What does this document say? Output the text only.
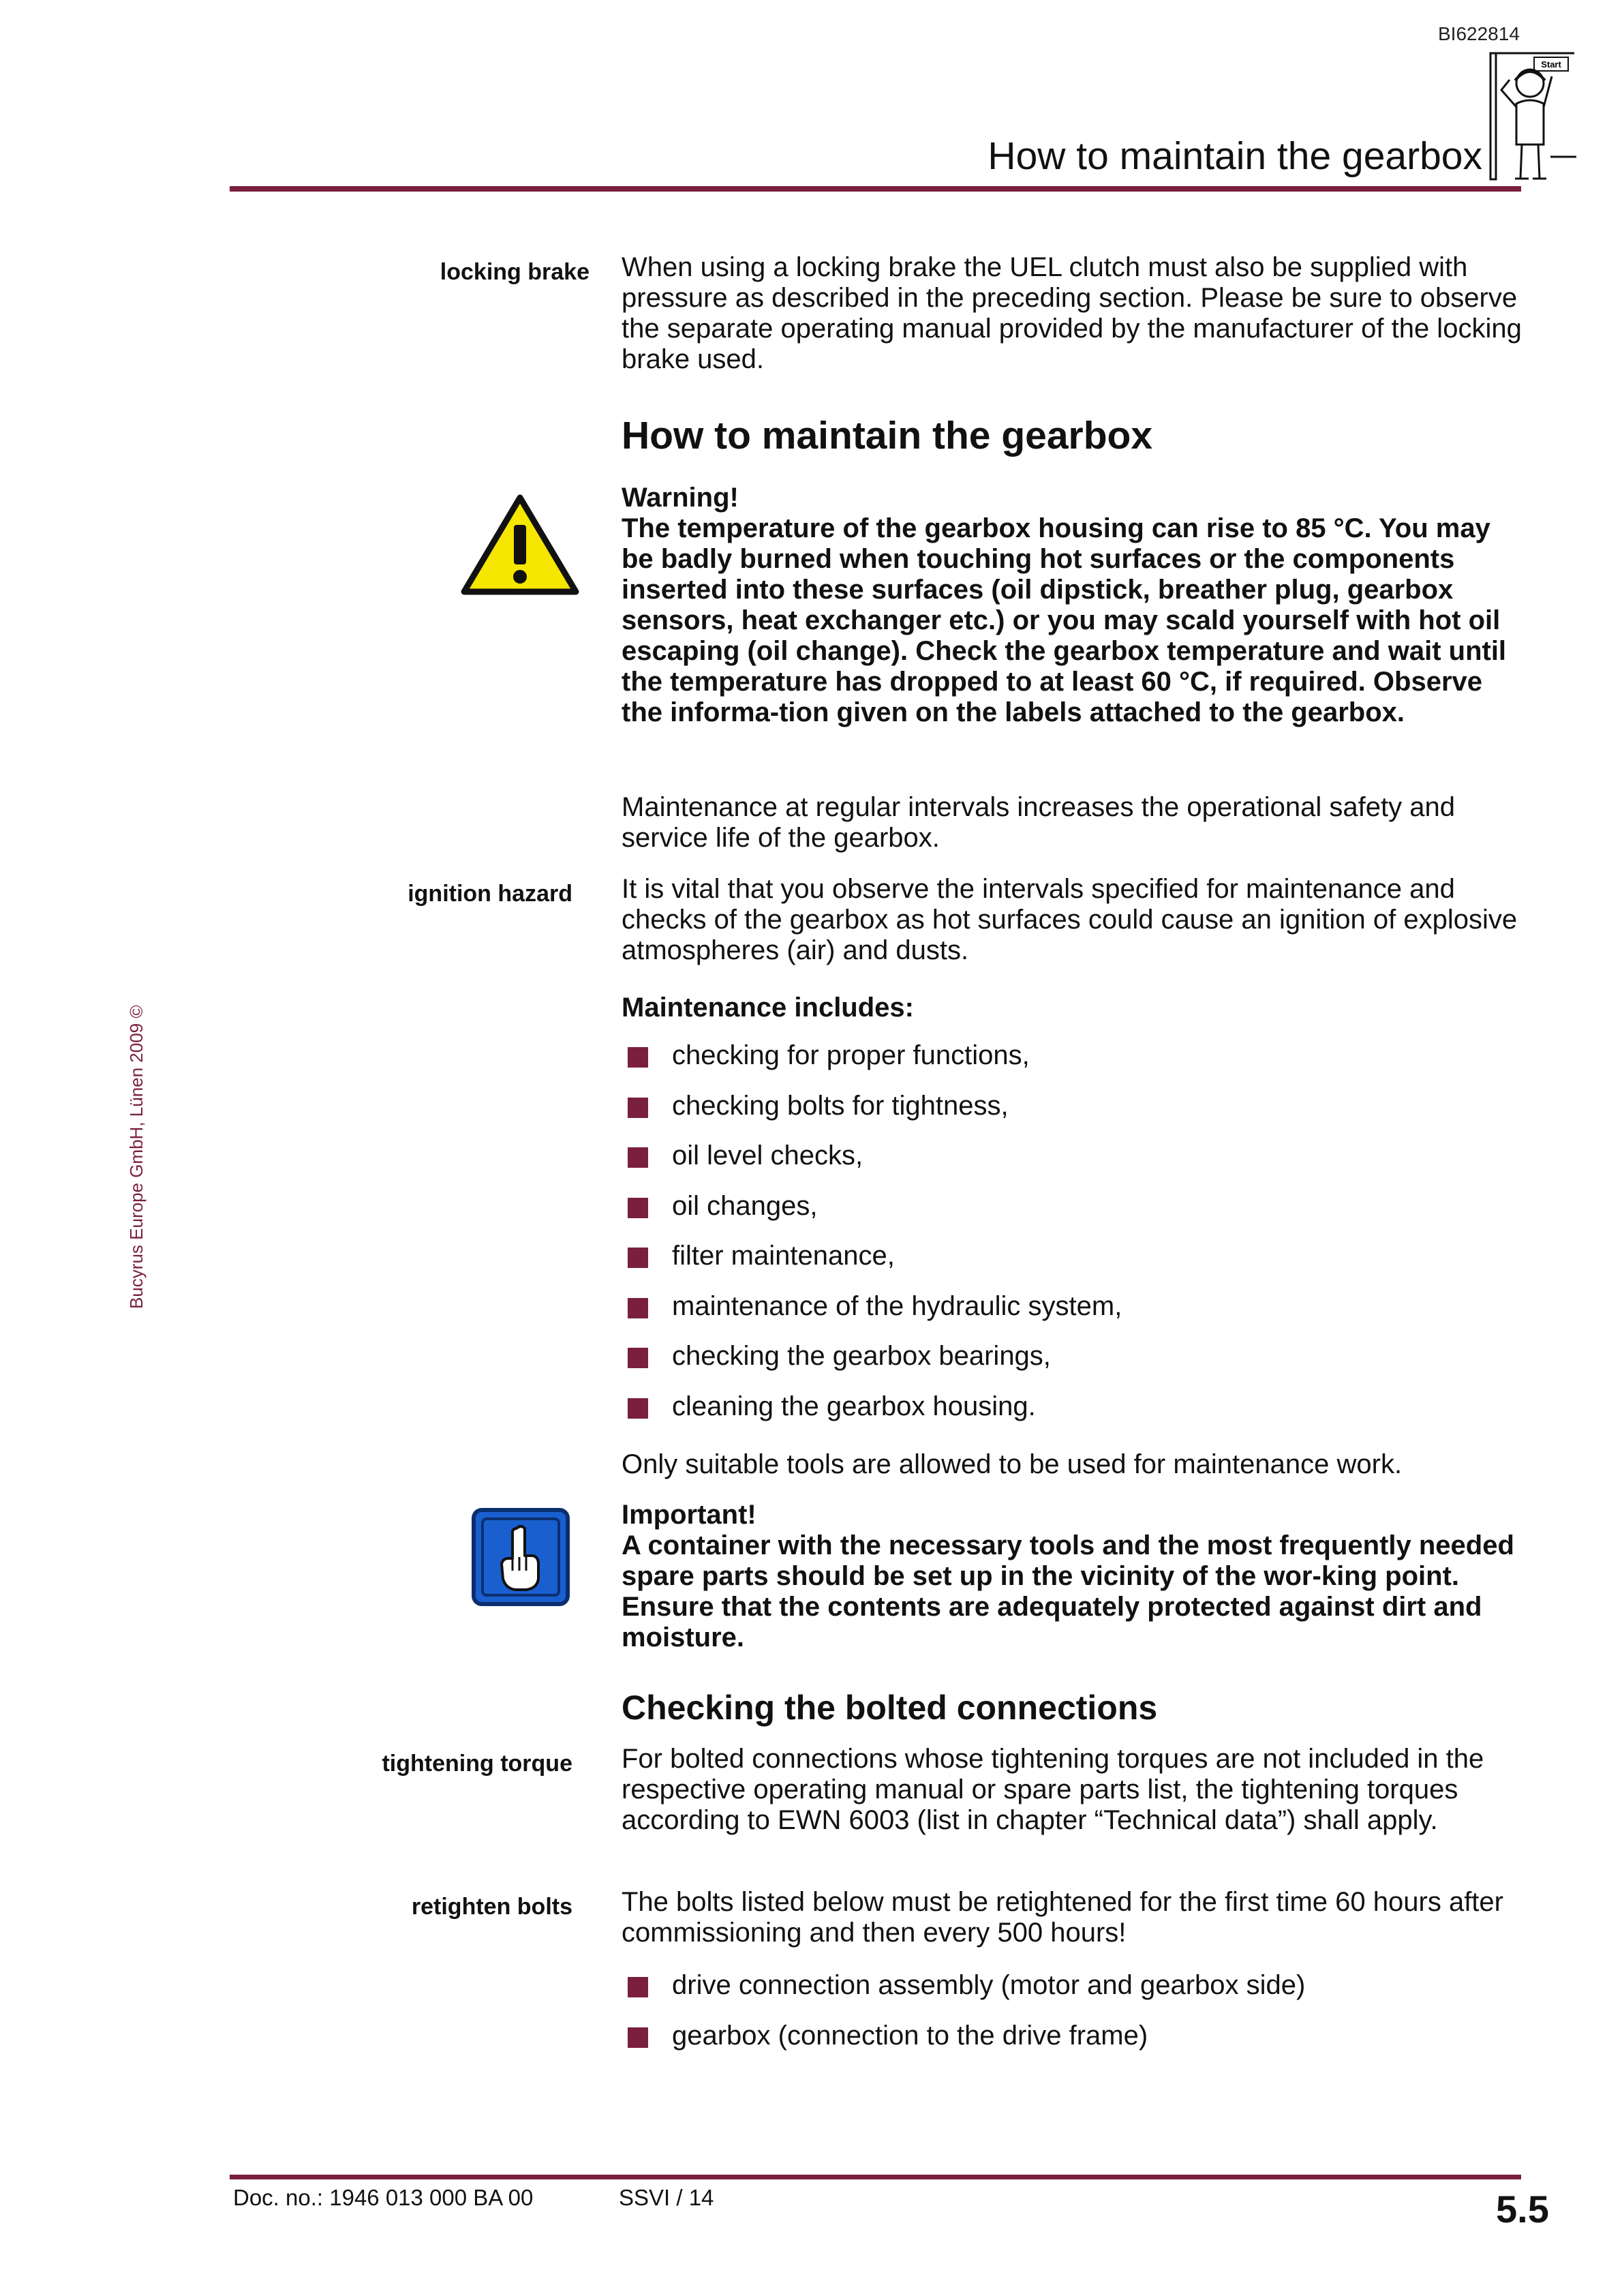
BI622814
Start
How to maintain the gearbox
Bucyrus Europe GmbH, Lünen 2009 ©
locking brake When using a locking brake the UEL clutch must also be supplied with pressure as described in the preceding section. Please be sure to observe the separate operating manual provided by the manufacturer of the locking brake used.

How to maintain the gearbox

Warning!

The temperature of the gearbox housing can rise to 85 °C. You may be badly burned when touching hot surfaces or the components inserted into these surfaces (oil dipstick, breather plug, gearbox sensors, heat exchanger etc.) or you may scald yourself with hot oil escaping (oil change). Check the gearbox temperature and wait until the temperature has dropped to at least 60 °C, if required. Observe the informa-tion given on the labels attached to the gearbox.

Maintenance at regular intervals increases the operational safety and service life of the gearbox.

ignition hazard It is vital that you observe the intervals specified for maintenance and checks of the gearbox as hot surfaces could cause an ignition of explosive atmospheres (air) and dusts.

Maintenance includes:
checking for proper functions,
checking bolts for tightness,
oil level checks,
oil changes,
filter maintenance,
maintenance of the hydraulic system,
checking the gearbox bearings,
cleaning the gearbox housing.

Only suitable tools are allowed to be used for maintenance work.

Important!

A container with the necessary tools and the most frequently needed spare parts should be set up in the vicinity of the wor-king point. Ensure that the contents are adequately protected against dirt and moisture.

Checking the bolted connections
tightening torque For bolted connections whose tightening torques are not included in the respective operating manual or spare parts list, the tightening torques according to EWN 6003 (list in chapter “Technical data”) shall apply.

retighten bolts The bolts listed below must be retightened for the first time 60 hours after commissioning and then every 500 hours!

drive connection assembly (motor and gearbox side)
gearbox (connection to the drive frame)
Doc. no.: 1946 013 000 BA 00	SSVI / 14	5.5
